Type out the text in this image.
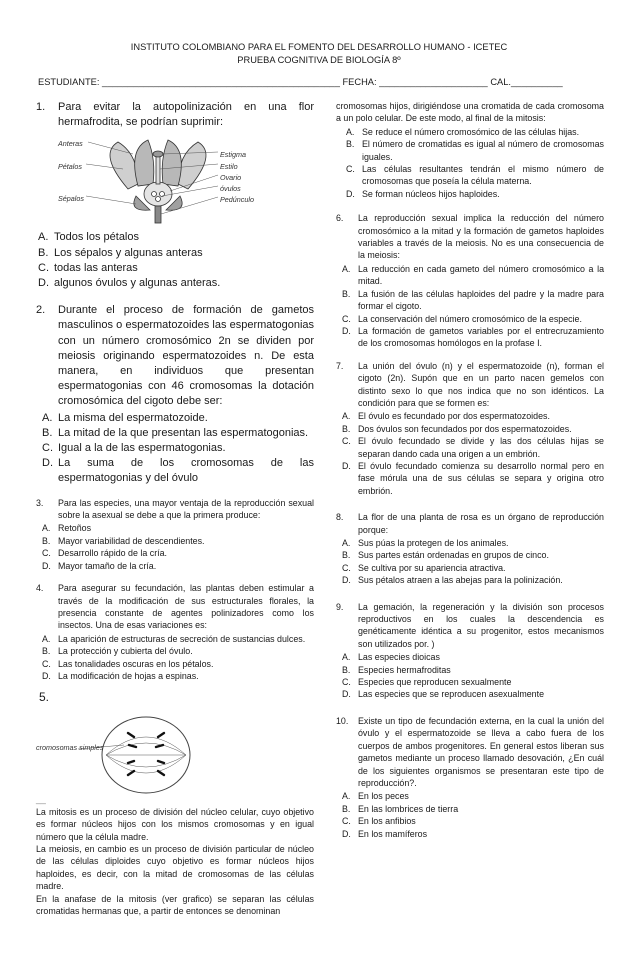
INSTITUTO COLOMBIANO PARA EL FOMENTO DEL DESARROLLO HUMANO - ICETEC
PRUEBA COGNITIVA DE BIOLOGÍA 8º
ESTUDIANTE: ______________________________________________ FECHA: _____________________ CAL.__________
1. Para evitar la autopolinización en una flor hermafrodita, se podrían suprimir:
Anteras
Pétalos
Sépalos
Estigma
Estilo
Ovario
óvulos
Pedúnculo
A. Todos los pétalos
B. Los sépalos y algunas anteras
C. todas las anteras
D. algunos óvulos y algunas anteras.
2. Durante el proceso de formación de gametos masculinos o espermatozoides las espermatogonias con un número cromosómico 2n se dividen por meiosis originando espermatozoides n. De esta manera, en individuos que presentan espermatogonias con 46 cromosomas la dotación cromosómica del cigoto debe ser:
A. La misma del espermatozoide.
B. La mitad de la que presentan las espermatogonias.
C. Igual a la de las espermatogonias.
D. La suma de los cromosomas de las espermatogonias y del óvulo
3. Para las especies, una mayor ventaja de la reproducción sexual sobre la asexual se debe a que la primera produce:
A. Retoños
B. Mayor variabilidad de descendientes.
C. Desarrollo rápido de la cría.
D. Mayor tamaño de la cría.
4. Para asegurar su fecundación, las plantas deben estimular a través de la modificación de sus estructurales florales, la presencia constante de agentes polinizadores como los insectos. Una de esas variaciones es:
A. La aparición de estructuras de secreción de sustancias dulces.
B. La protección y cubierta del óvulo.
C. Las tonalidades oscuras en los pétalos.
D. La modificación de hojas a espinas.
5.
cromosomas simples
__

La mitosis es un proceso de división del núcleo celular, cuyo objetivo es formar núcleos hijos con los mismos cromosomas y en igual número que la célula madre.

La meiosis, en cambio es un proceso de división particular de núcleo de las células diploides cuyo objetivo es formar núcleos hijos haploides, es decir, con la mitad de cromosomas de las células madre.

En la anafase de la mitosis (ver grafico) se separan las células cromatidas hermanas que, a partir de entonces se denominan

cromosomas hijos, dirigiéndose una cromatida de cada cromosoma a un polo celular. De este modo, al final de la mitosis:
A. Se reduce el número cromosómico de las células hijas.
B. El número de cromatidas es igual al número de cromosomas iguales.
C. Las células resultantes tendrán el mismo número de cromosomas que poseía la célula materna.
D. Se forman núcleos hijos haploides.
6. La reproducción sexual implica la reducción del número cromosómico a la mitad y la formación de gametos haploides variables a través de la meiosis. No es una consecuencia de la meiosis:
A. La reducción en cada gameto del número cromosómico a la mitad.
B. La fusión de las células haploides del padre y la madre para formar el cigoto.
C. La conservación del número cromosómico de la especie.
D. La formación de gametos variables por el entrecruzamiento de los cromosomas homólogos en la profase I.
7. La unión del óvulo (n) y el espermatozoide (n), forman el cigoto (2n). Supón que en un parto nacen gemelos con distinto sexo lo que nos indica que no son idénticos. La condición para que se formen es:
A. El óvulo es fecundado por dos espermatozoides.
B. Dos óvulos son fecundados por dos espermatozoides.
C. El óvulo fecundado se divide y las dos células hijas se separan dando cada una origen a un embrión.
D. El óvulo fecundado comienza su desarrollo normal pero en fase mórula una de sus células se separa y origina otro embrión.
8. La flor de una planta de rosa es un órgano de reproducción porque:
A. Sus púas la protegen de los animales.
B. Sus partes están ordenadas en grupos de cinco.
C. Se cultiva por su apariencia atractiva.
D. Sus pétalos atraen a las abejas para la polinización.
9. La gemación, la regeneración y la división son procesos reproductivos en los cuales la descendencia es genéticamente idéntica a su progenitor, estos mecanismos son utilizados por. )
A. Las especies dioicas
B. Especies hermafroditas
C. Especies que reproducen sexualmente
D. Las especies que se reproducen asexualmente
10. Existe un tipo de fecundación externa, en la cual la unión del óvulo y el espermatozoide se lleva a cabo fuera de los cuerpos de ambos progenitores. En general estos liberan sus gametos mediante un proceso llamado desovación, ¿En cuál de los siguientes organismos se presentaran este tipo de reproducción?.
A. En los peces
B. En las lombrices de tierra
C. En los anfibios
D. En los mamíferos
